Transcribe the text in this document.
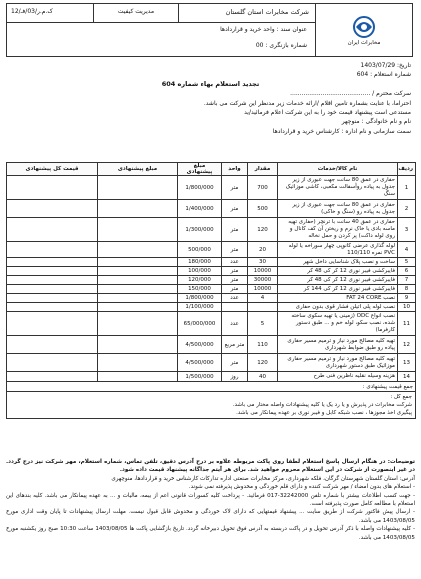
مخابرات ایران
شرکت مخابرات استان گلستان
مدیریت کیفیت
ک.م.ر/03/فـ/12
عنوان سند : واحد خرید و قراردادها
شماره بازنگری : 00
تاریخ: 1403/07/29
شماره استعلام : 604
تجدید استعلام بهاء شماره 604
سرکت محترم / ..........................................
احتراما، با عنایت بشماره تامین اقلام /ارائه خدمات زیر مدنظر این شرکت می باشد.
مستدعی است پیشنهاد قیمت خود را به این شرکت اعلام فرمائید/ید
نام و نام خانوادگی : منوچهر
سمت سازمانی و نام اداره : کارشناس خرید و قراردادها
ردیف	نام کالا/خدمات	مقدار	واحد	مبلغ پیشنهادی	مبلغ پیشنهادی	قیمت کل پیشنهادی
1	حفاری در عمق 80 سانت جهت عبوری از زیر جدول به پیاده روآسفالت مکعبی، کاشی موزائیک سنگ	700	متر	1/800/000		
2	حفاری در عمق 80 سانت جهت عبوری از زیر جدول به پیاده رو (سنگ و خاکی)	500	متر	1/400/000		
3	حفاری در عمق 40 سانت با ترنچر (حفاری تهیه ماسه بادی یا خاک نرم و ریختن آن کف کانال و روی لوله داکت) پر کردن و حمل نخاله	120	متر	1/300/000		
4	لوله گذاری عرضی کانوپی چهار سوراخه یا لوله PVC نمره 110/110	20	متر	500/000		
5	ساخت و نصب پلاک شناسایی داخل شهر	30	عدد	180/000		
6	فایبرکشی فیبر نوری 12 کر کی 48 کر	10000	متر	100/000		
7	فایبرکشی فیبر نوری 12 کر کی 48 کر	30000	متر	120/000		
8	فایبرکشی فیبر نوری 12 کر کی 144 کر	10000	متر	150/000		
9	نصب FAT 24 CORE	4	عدد	1/800/000		
10	نصب لوله پلی اتیلن فشار قوی بدون حفاری			1/100/000		
11	نصب انواع ODC (زمینی یا تهیه سکوی ساخته شده، نصب سکو، لوله خم و ... طبق دستور کارفرما)	5	عدد	65/000/000		
12	تهیه کلیه مصالح مورد نیاز و ترمیم مسیر حفاری پیاده رو طبق ضوابط شهرداری	110	متر مربع	4/500/000		
13	تهیه کلیه مصالح مورد نیاز و ترمیم مسیر حفاری موزائیک طبق دستور شهرداری	120	متر	4/500/000		
14	هزینه وسیله نقلیه ناظرین فنی طرح	40	روز	1/500/000		
جمع قیمت پیشنهادی :						

جمع کل :
شرکت مخابرات در پذیرش و یا رد یک یا کلیه پیشنهادات واصله مختار می باشد.
پیگیری اخذ مجوزها ، نصب شبکه کابل و فیبر نوری بر عهده پیمانکار می باشد.						
توضیحات: در هنگام ارسال پاسخ استعلام لطفا روی پاکت مربوطه علاوه بر درج آدرس دقیق، تلفن تماس، شماره استعلام، مهر شرکت نیز درج گردد. در غیر اینصورت از شرکت در این استعلام محروم خواهید شد. برای هر آیتم جداگانه پیشنهاد قیمت داده شود.
آدرس: استان گلستان شهرستان گرگان، فلکه شهرداری، مرکز مخابرات صنعتی اداره تدارکات کارشناس خرید و قراردادها، منوچهری
- استعلام های بدون امضاء / مهر شرکت کننده و دارای قلم خوردگی و مخدوش پذیرفته نمی شوند.
- جهت کسب اطلاعات بیشتر با شماره تلفن 32242000-017 فرمائید. - پرداخت کلیه کسورات قانونی اعم از بیمه، مالیات و ... به عهده پیمانکار می باشد. کلیه بندهای این استعلام با مطالعه کامل صورت پذیرفته است.
- ارسال پیش فاکتور شرکت از طریق سایت ... پیشنهاد قیمتهایی که دارای لاک خوردگی و مخدوش قابل قبول نیست. مهلت ارسال پیشنهادات تا پایان وقت اداری مورخ 1403/08/05 می باشد.
- کلیه پیشنهادات واصله با ذکر آدرس تحویل و در پاکت دربسته به آدرس فوق تحویل دبیرخانه گردد. تاریخ بازگشایی پاکت ها 1403/08/05 ساعت 10:30 صبح روز یکشنبه مورخ 1403/08/05 می باشد.
